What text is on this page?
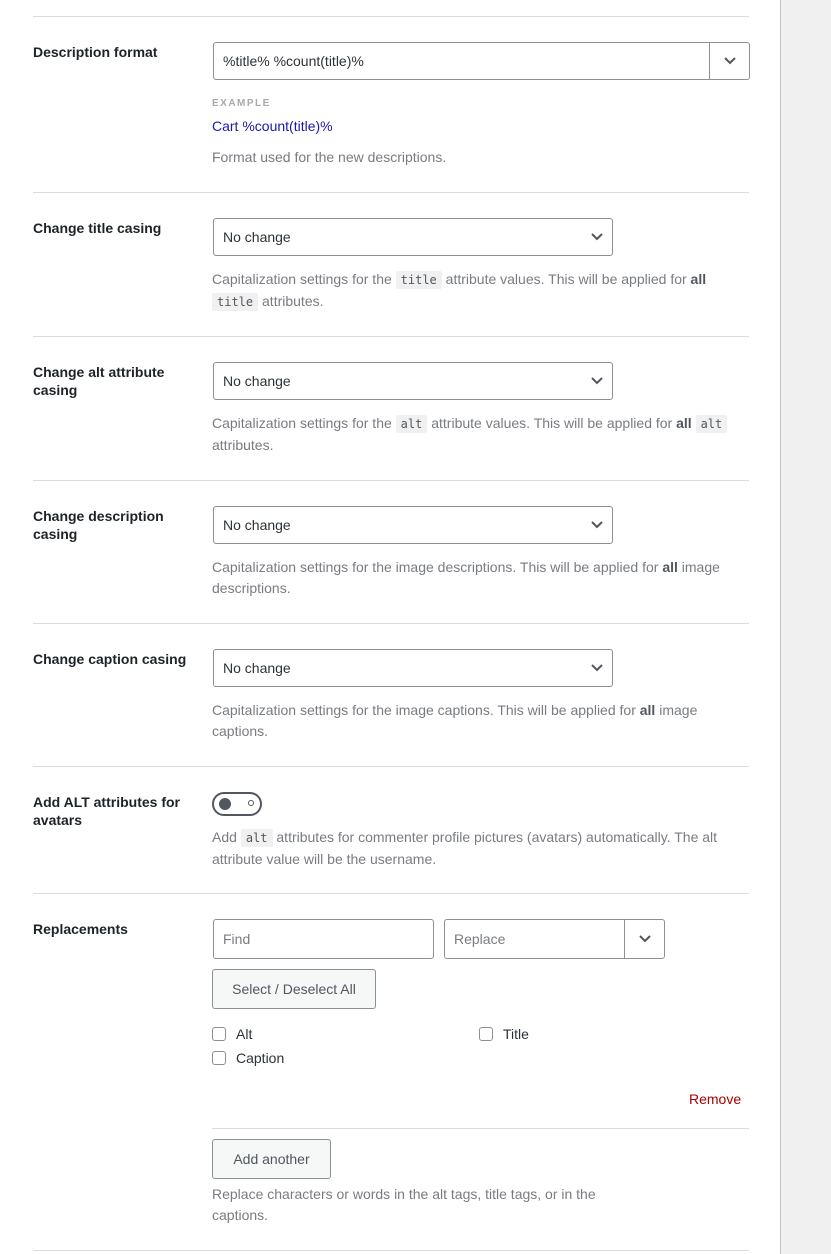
Description format
%title% %count(title)%
EXAMPLE
Cart %count(title)%
Format used for the new descriptions.
Change title casing
No change
Capitalization settings for the title attribute values. This will be applied for all
title attributes.
Change alt attribute casing
No change
Capitalization settings for the alt attribute values. This will be applied for all alt
attributes.
Change description casing
No change
Capitalization settings for the image descriptions. This will be applied for all image descriptions.
Change caption casing
No change
Capitalization settings for the image captions. This will be applied for all image captions.
Add ALT attributes for avatars
Add alt attributes for commenter profile pictures (avatars) automatically. The alt attribute value will be the username.
Replacements
Find	Replace
Select / Deselect All
Alt	Title
Caption
Remove
Add another
Replace characters or words in the alt tags, title tags, or in the captions.
